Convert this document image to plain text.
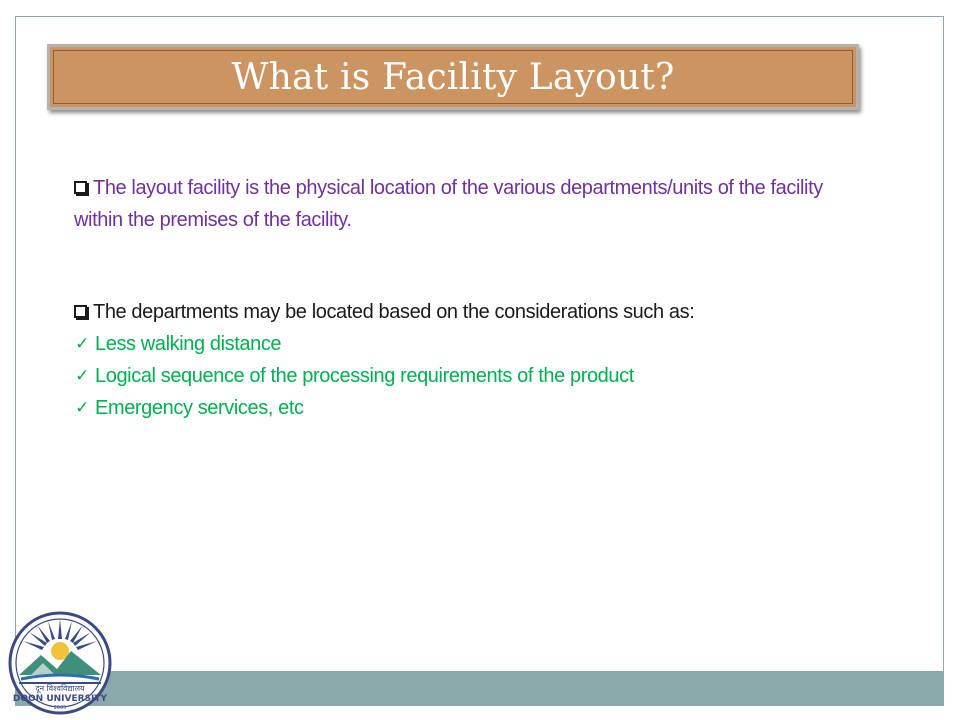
What is Facility Layout?

The layout facility is the physical location of the various departments/units of the facility within the premises of the facility.

The departments may be located based on the considerations such as:

✓ Less walking distance
✓ Logical sequence of the processing requirements of the product
✓ Emergency services, etc
दून विश्वविद्यालय
DOON UNIVERSITY
2005
